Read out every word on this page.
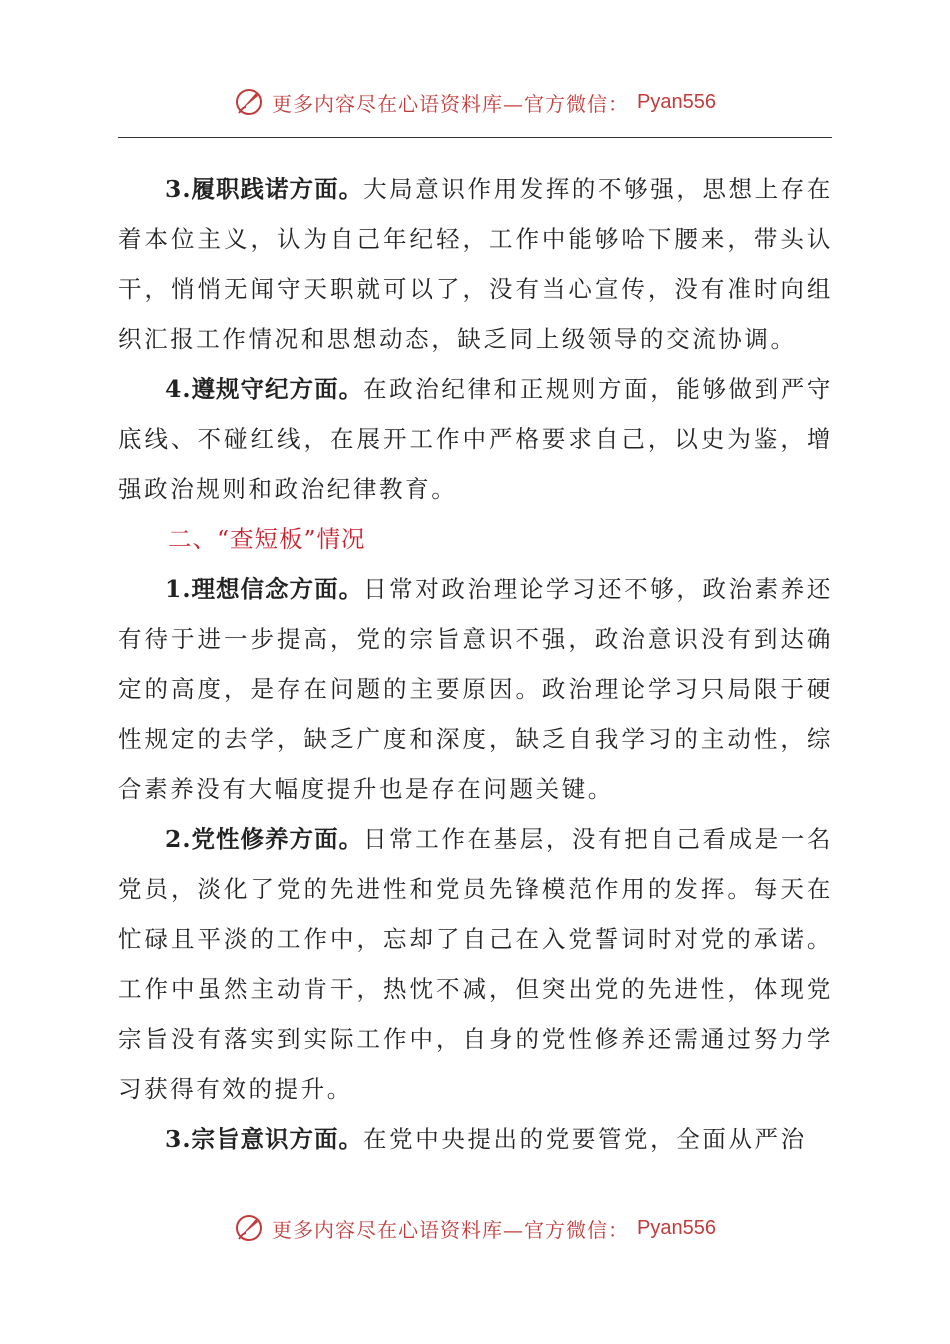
更多内容尽在心语资料库—官方微信： Pyan556

3.履职践诺方面。大局意识作用发挥的不够强，思想上存在着本位主义，认为自己年纪轻，工作中能够哈下腰来，带头认干，悄悄无闻守天职就可以了，没有当心宣传，没有准时向组织汇报工作情况和思想动态，缺乏同上级领导的交流协调。

4.遵规守纪方面。在政治纪律和正规则方面，能够做到严守底线、不碰红线，在展开工作中严格要求自己，以史为鉴，增强政治规则和政治纪律教育。

二、“查短板”情况

1.理想信念方面。日常对政治理论学习还不够，政治素养还有待于进一步提高，党的宗旨意识不强，政治意识没有到达确定的高度，是存在问题的主要原因。政治理论学习只局限于硬性规定的去学，缺乏广度和深度，缺乏自我学习的主动性，综合素养没有大幅度提升也是存在问题关键。

2.党性修养方面。日常工作在基层，没有把自己看成是一名党员，淡化了党的先进性和党员先锋模范作用的发挥。每天在忙碌且平淡的工作中，忘却了自己在入党誓词时对党的承诺。工作中虽然主动肯干，热忱不减，但突出党的先进性，体现党宗旨没有落实到实际工作中，自身的党性修养还需通过努力学习获得有效的提升。

3.宗旨意识方面。在党中央提出的党要管党，全面从严治

更多内容尽在心语资料库—官方微信： Pyan556
